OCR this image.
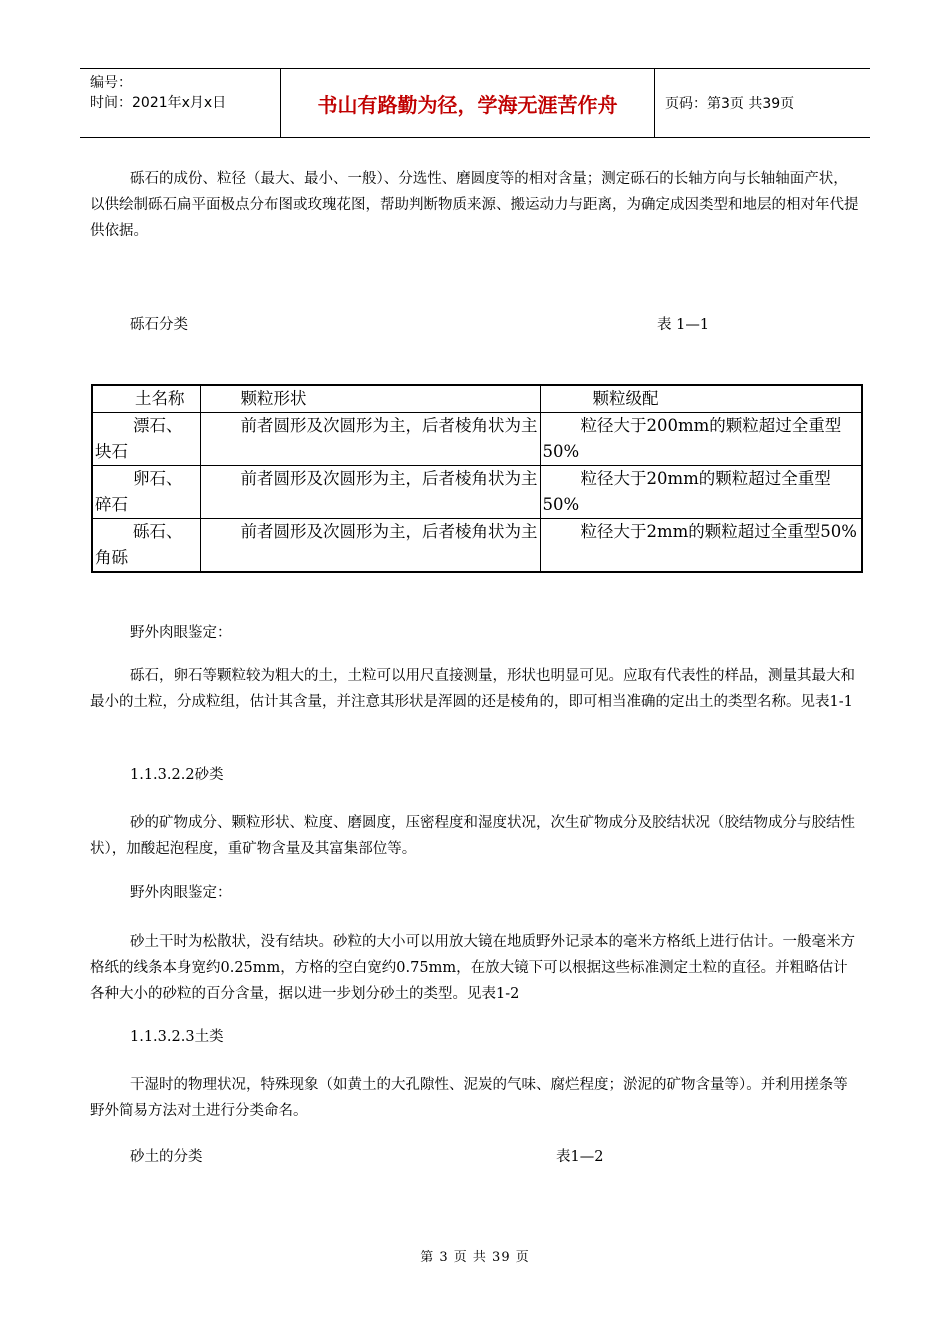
编号：
时间：2021年x月x日	书山有路勤为径，学海无涯苦作舟	页码：第3页 共39页
砾石的成份、粒径（最大、最小、一般）、分选性、磨圆度等的相对含量；测定砾石的长轴方向与长轴轴面产状，以供绘制砾石扁平面极点分布图或玫瑰花图，帮助判断物质来源、搬运动力与距离，为确定成因类型和地层的相对年代提供依据。
砾石分类	表 1—1
土名称	颗粒形状	颗粒级配
漂石、块石	前者圆形及次圆形为主，后者棱角状为主	粒径大于200mm的颗粒超过全重型50%
卵石、碎石	前者圆形及次圆形为主，后者棱角状为主	粒径大于20mm的颗粒超过全重型50%
砾石、角砾	前者圆形及次圆形为主，后者棱角状为主	粒径大于2mm的颗粒超过全重型50%
野外肉眼鉴定：
砾石，卵石等颗粒较为粗大的土，土粒可以用尺直接测量，形状也明显可见。应取有代表性的样品，测量其最大和最小的土粒，分成粒组，估计其含量，并注意其形状是浑圆的还是棱角的，即可相当准确的定出土的类型名称。见表1-1
1.1.3.2.2砂类
砂的矿物成分、颗粒形状、粒度、磨圆度，压密程度和湿度状况，次生矿物成分及胶结状况（胶结物成分与胶结性状），加酸起泡程度，重矿物含量及其富集部位等。
野外肉眼鉴定：
砂土干时为松散状，没有结块。砂粒的大小可以用放大镜在地质野外记录本的毫米方格纸上进行估计。一般毫米方格纸的线条本身宽约0.25mm，方格的空白宽约0.75mm，在放大镜下可以根据这些标准测定土粒的直径。并粗略估计各种大小的砂粒的百分含量，据以进一步划分砂土的类型。见表1-2
1.1.3.2.3土类
干湿时的物理状况，特殊现象（如黄土的大孔隙性、泥炭的气味、腐烂程度；淤泥的矿物含量等）。并利用搓条等野外简易方法对土进行分类命名。
砂土的分类	表1—2
第 3 页 共 39 页
